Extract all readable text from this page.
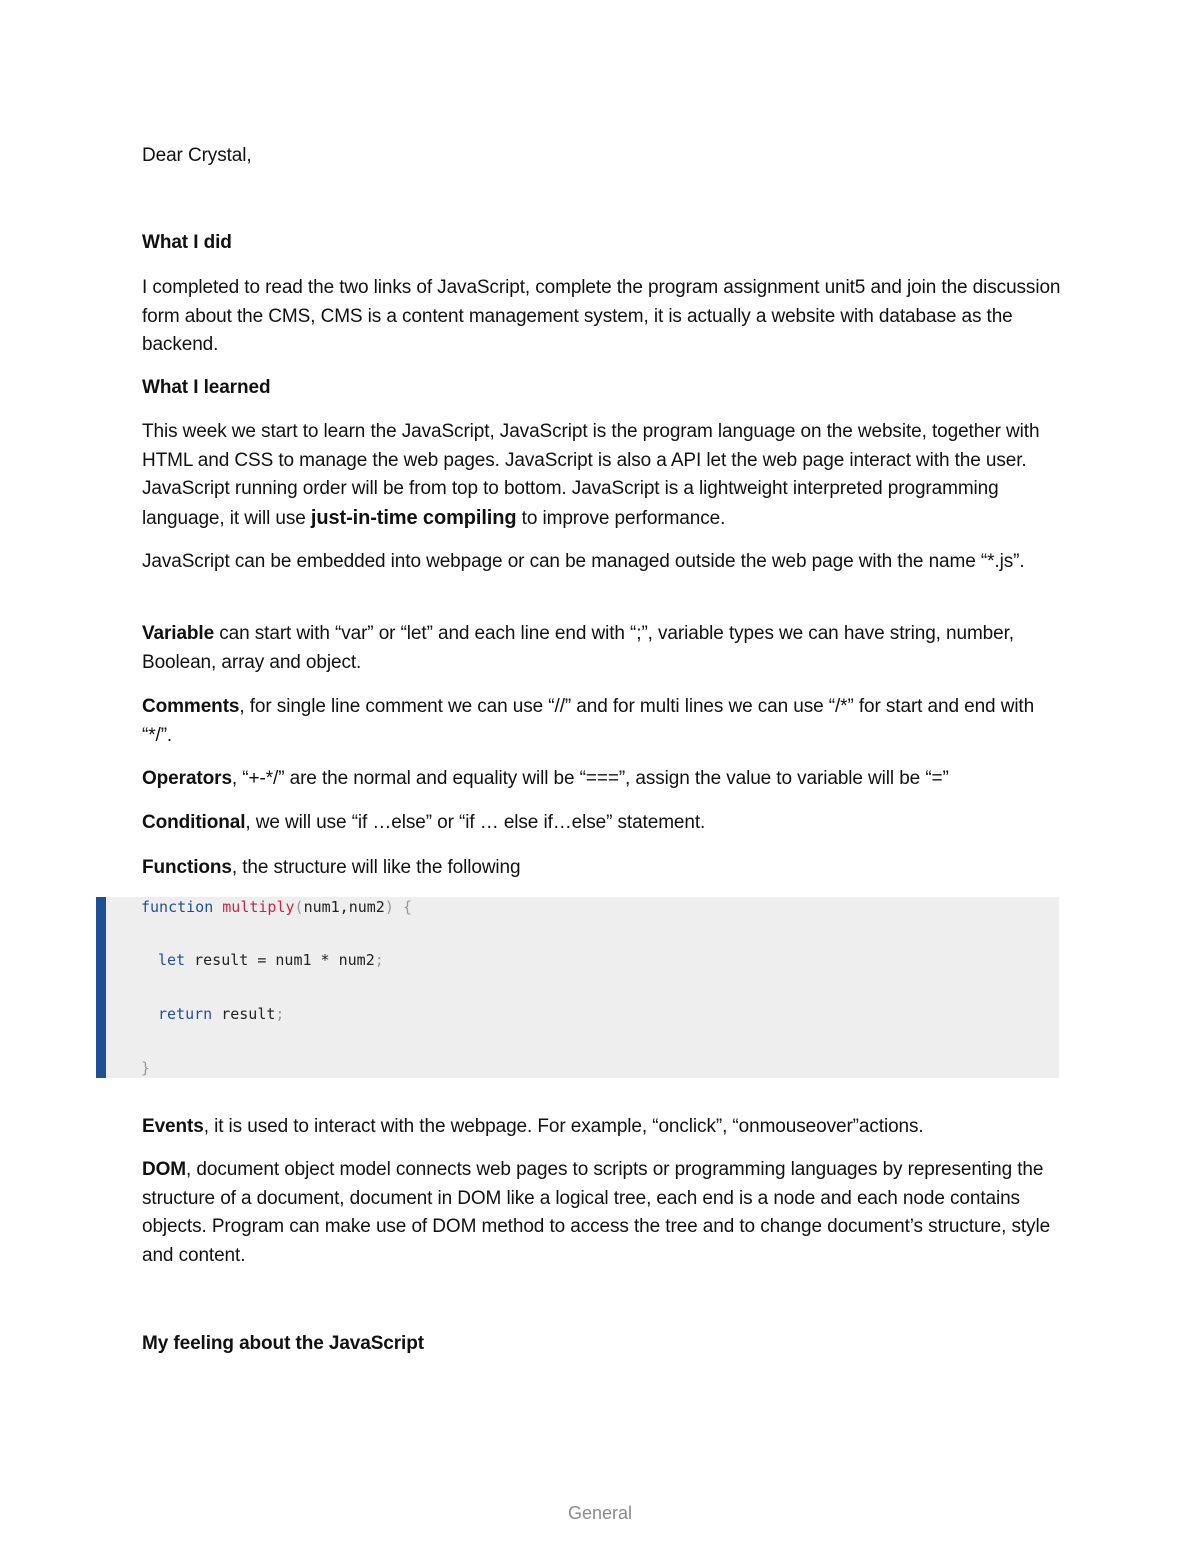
Dear Crystal,
What I did
I completed to read the two links of JavaScript, complete the program assignment unit5 and join the discussion form about the CMS, CMS is a content management system, it is actually a website with database as the backend.
What I learned
This week we start to learn the JavaScript, JavaScript is the program language on the website, together with HTML and CSS to manage the web pages. JavaScript is also a API let the web page interact with the user. JavaScript running order will be from top to bottom. JavaScript is a lightweight interpreted programming language, it will use just-in-time compiling to improve performance.
JavaScript can be embedded into webpage or can be managed outside the web page with the name “*.js”.
Variable can start with “var” or “let” and each line end with “;”, variable types we can have string, number, Boolean, array and object.
Comments, for single line comment we can use “//” and for multi lines we can use “/*” for start and end with “*/”.
Operators, “+-*/” are the normal and equality will be “===”, assign the value to variable will be “=”
Conditional, we will use “if …else” or “if … else if…else” statement.
Functions, the structure will like the following
function multiply(num1,num2) {
let result = num1 * num2;
return result;
}
Events, it is used to interact with the webpage. For example, “onclick”, “onmouseover”actions.
DOM, document object model connects web pages to scripts or programming languages by representing the structure of a document, document in DOM like a logical tree, each end is a node and each node contains objects. Program can make use of DOM method to access the tree and to change document’s structure, style and content.
My feeling about the JavaScript
General
